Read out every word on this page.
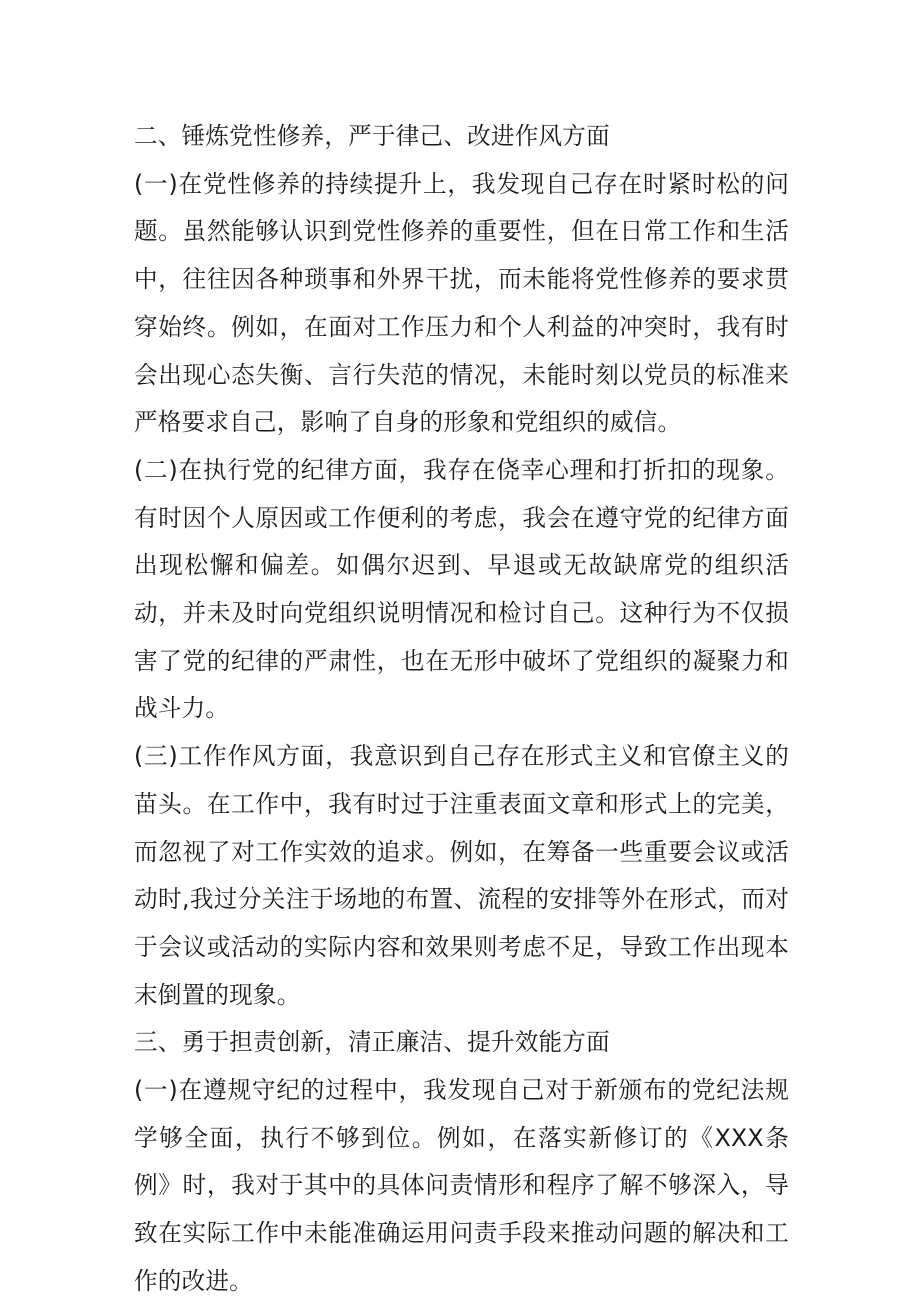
二、锤炼党性修养，严于律己、改进作风方面

(一)在党性修养的持续提升上，我发现自己存在时紧时松的问题。虽然能够认识到党性修养的重要性，但在日常工作和生活中，往往因各种琐事和外界干扰，而未能将党性修养的要求贯穿始终。例如，在面对工作压力和个人利益的冲突时，我有时会出现心态失衡、言行失范的情况，未能时刻以党员的标准来严格要求自己，影响了自身的形象和党组织的威信。

(二)在执行党的纪律方面，我存在侥幸心理和打折扣的现象。有时因个人原因或工作便利的考虑，我会在遵守党的纪律方面出现松懈和偏差。如偶尔迟到、早退或无故缺席党的组织活动，并未及时向党组织说明情况和检讨自己。这种行为不仅损害了党的纪律的严肃性，也在无形中破坏了党组织的凝聚力和战斗力。

(三)工作作风方面，我意识到自己存在形式主义和官僚主义的苗头。在工作中，我有时过于注重表面文章和形式上的完美，而忽视了对工作实效的追求。例如，在筹备一些重要会议或活动时,我过分关注于场地的布置、流程的安排等外在形式，而对于会议或活动的实际内容和效果则考虑不足，导致工作出现本末倒置的现象。

三、勇于担责创新，清正廉洁、提升效能方面

(一)在遵规守纪的过程中，我发现自己对于新颁布的党纪法规学够全面，执行不够到位。例如，在落实新修订的《XXX条例》时，我对于其中的具体问责情形和程序了解不够深入，导致在实际工作中未能准确运用问责手段来推动问题的解决和工作的改进。
